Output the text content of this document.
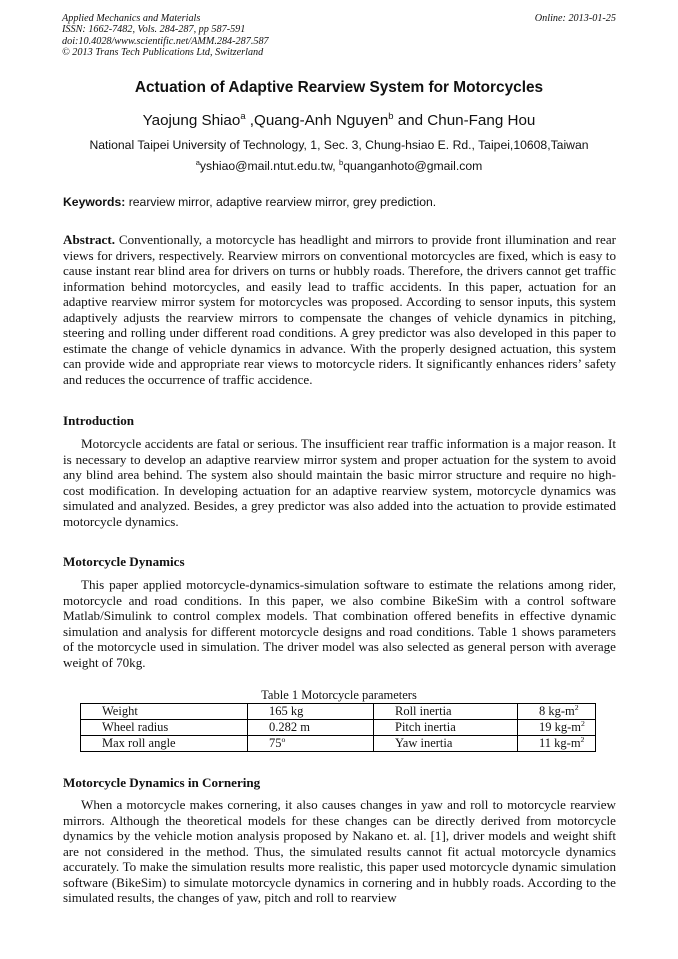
Applied Mechanics and Materials
ISSN: 1662-7482, Vols. 284-287, pp 587-591
doi:10.4028/www.scientific.net/AMM.284-287.587
© 2013 Trans Tech Publications Ltd, Switzerland
Online: 2013-01-25
Actuation of Adaptive Rearview System for Motorcycles
Yaojung Shiao$^a$ ,Quang-Anh Nguyen$^b$ and Chun-Fang Hou
National Taipei University of Technology, 1, Sec. 3, Chung-hsiao E. Rd., Taipei,10608,Taiwan
$^a$yshiao@mail.ntut.edu.tw, $^b$quanganhoto@gmail.com
Keywords: rearview mirror, adaptive rearview mirror, grey prediction.

Abstract. Conventionally, a motorcycle has headlight and mirrors to provide front illumination and rear views for drivers, respectively. Rearview mirrors on conventional motorcycles are fixed, which is easy to cause instant rear blind area for drivers on turns or hubbly roads. Therefore, the drivers cannot get traffic information behind motorcycles, and easily lead to traffic accidents. In this paper, actuation for an adaptive rearview mirror system for motorcycles was proposed. According to sensor inputs, this system adaptively adjusts the rearview mirrors to compensate the changes of vehicle dynamics in pitching, steering and rolling under different road conditions. A grey predictor was also developed in this paper to estimate the change of vehicle dynamics in advance. With the properly designed actuation, this system can provide wide and appropriate rear views to motorcycle riders. It significantly enhances riders’ safety and reduces the occurrence of traffic accidence.

Introduction

Motorcycle accidents are fatal or serious. The insufficient rear traffic information is a major reason. It is necessary to develop an adaptive rearview mirror system and proper actuation for the system to avoid any blind area behind. The system also should maintain the basic mirror structure and require no high-cost modification. In developing actuation for an adaptive rearview system, motorcycle dynamics was simulated and analyzed. Besides, a grey predictor was also added into the actuation to provide estimated motorcycle dynamics.

Motorcycle Dynamics

This paper applied motorcycle-dynamics-simulation software to estimate the relations among rider, motorcycle and road conditions. In this paper, we also combine BikeSim with a control software Matlab/Simulink to control complex models. That combination offered benefits in effective dynamic simulation and analysis for different motorcycle designs and road conditions. Table 1 shows parameters of the motorcycle used in simulation. The driver model was also selected as general person with average weight of 70kg.

Table 1 Motorcycle parameters
Weight	165 kg	Roll inertia	8 $kg-m^2$
Wheel radius	0.282 m	Pitch inertia	19 $kg-m^2$
Max roll angle	75$^o$	Yaw inertia	11 $kg-m^2$
Motorcycle Dynamics in Cornering

When a motorcycle makes cornering, it also causes changes in yaw and roll to motorcycle rearview mirrors. Although the theoretical models for these changes can be directly derived from motorcycle dynamics by the vehicle motion analysis proposed by Nakano et. al. [1], driver models and weight shift are not considered in the method. Thus, the simulated results cannot fit actual motorcycle dynamics accurately. To make the simulation results more realistic, this paper used motorcycle dynamic simulation software (BikeSim) to simulate motorcycle dynamics in cornering and in hubbly roads. According to the simulated results, the changes of yaw, pitch and roll to rearview
